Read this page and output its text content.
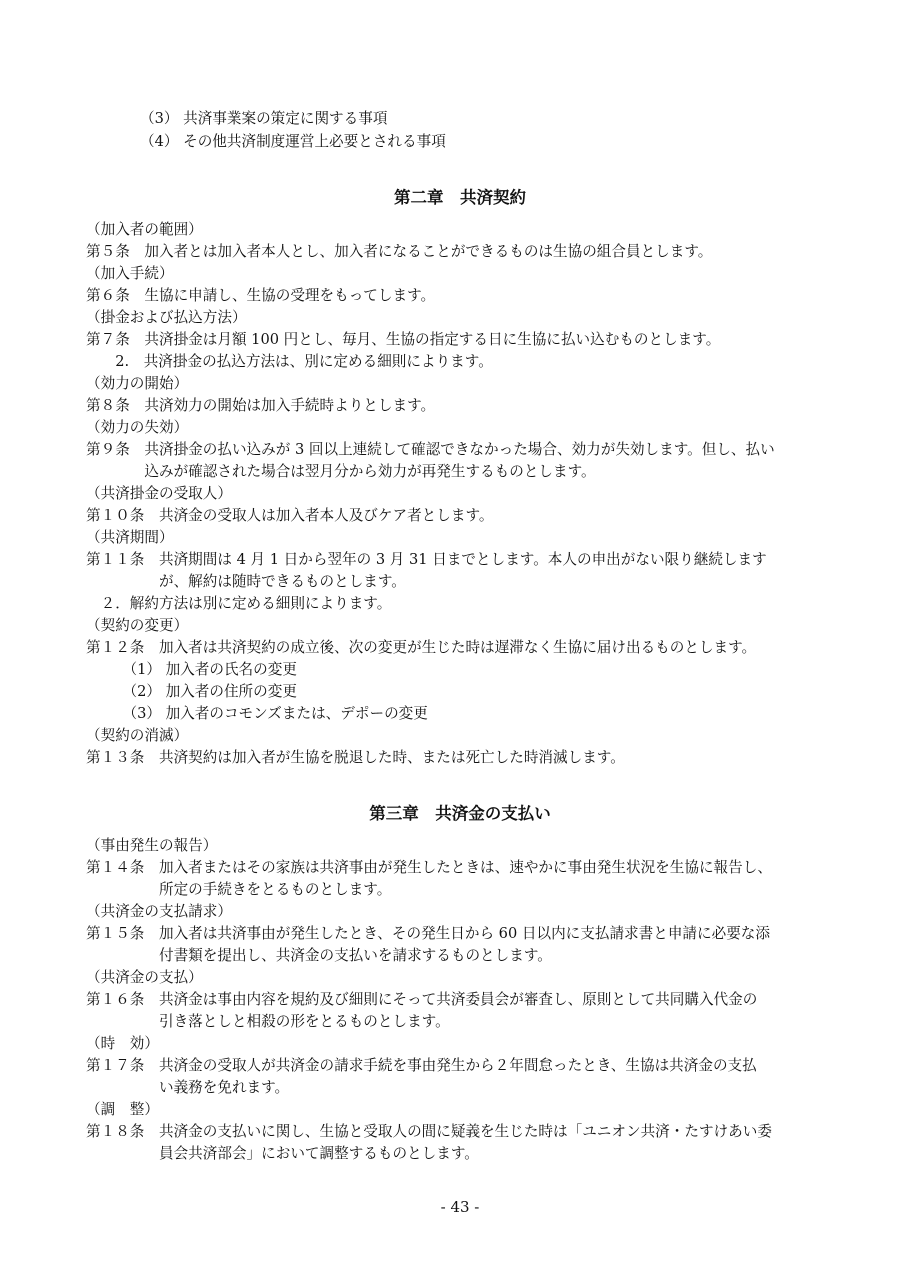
（3） 共済事業案の策定に関する事項
（4） その他共済制度運営上必要とされる事項
第二章　共済契約
（加入者の範囲）
第５条　加入者とは加入者本人とし、加入者になることができるものは生協の組合員とします。
（加入手続）
第６条　生協に申請し、生協の受理をもってします。
（掛金および払込方法）
第７条　共済掛金は月額 100 円とし、毎月、生協の指定する日に生協に払い込むものとします。
　　2.　共済掛金の払込方法は、別に定める細則によります。
（効力の開始）
第８条　共済効力の開始は加入手続時よりとします。
（効力の失効）
第９条　共済掛金の払い込みが 3 回以上連続して確認できなかった場合、効力が失効します。但し、払い
　　　　込みが確認された場合は翌月分から効力が再発生するものとします。
（共済掛金の受取人）
第１０条　共済金の受取人は加入者本人及びケア者とします。
（共済期間）
第１１条　共済期間は 4 月 1 日から翌年の 3 月 31 日までとします。本人の申出がない限り継続します
　　　　　が、解約は随時できるものとします。
　２．解約方法は別に定める細則によります。
（契約の変更）
第１２条　加入者は共済契約の成立後、次の変更が生じた時は遅滞なく生協に届け出るものとします。
　　　（1） 加入者の氏名の変更
　　　（2） 加入者の住所の変更
　　　（3） 加入者のコモンズまたは、デポーの変更
（契約の消滅）
第１３条　共済契約は加入者が生協を脱退した時、または死亡した時消滅します。
第三章　共済金の支払い
（事由発生の報告）
第１４条　加入者またはその家族は共済事由が発生したときは、速やかに事由発生状況を生協に報告し、
　　　　　所定の手続きをとるものとします。
（共済金の支払請求）
第１５条　加入者は共済事由が発生したとき、その発生日から 60 日以内に支払請求書と申請に必要な添
　　　　　付書類を提出し、共済金の支払いを請求するものとします。
（共済金の支払）
第１６条　共済金は事由内容を規約及び細則にそって共済委員会が審査し、原則として共同購入代金の
　　　　　引き落としと相殺の形をとるものとします。
（時　効）
第１７条　共済金の受取人が共済金の請求手続を事由発生から２年間怠ったとき、生協は共済金の支払
　　　　　い義務を免れます。
（調　整）
第１８条　共済金の支払いに関し、生協と受取人の間に疑義を生じた時は「ユニオン共済・たすけあい委
　　　　　員会共済部会」において調整するものとします。
- 43 -
